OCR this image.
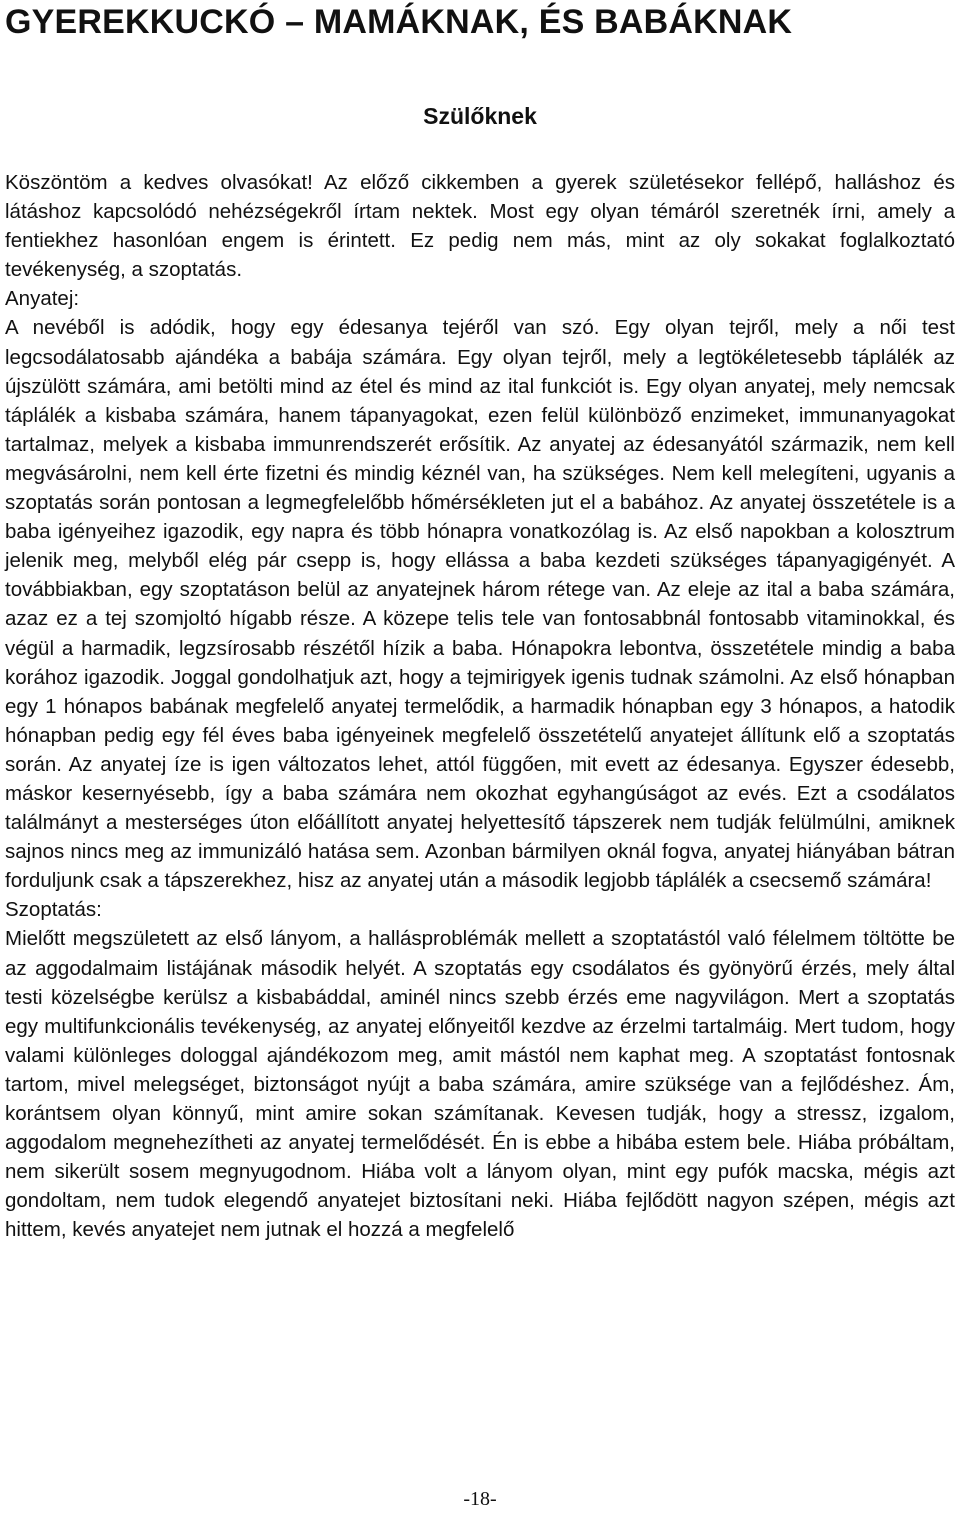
GYEREKKUCKÓ – MAMÁKNAK, ÉS BABÁKNAK
Szülőknek

Köszöntöm a kedves olvasókat! Az előző cikkemben a gyerek születésekor fellépő, halláshoz és látáshoz kapcsolódó nehézségekről írtam nektek. Most egy olyan témáról szeretnék írni, amely a fentiekhez hasonlóan engem is érintett. Ez pedig nem más, mint az oly sokakat foglalkoztató tevékenység, a szoptatás.

Anyatej:

A nevéből is adódik, hogy egy édesanya tejéről van szó. Egy olyan tejről, mely a női test legcsodálatosabb ajándéka a babája számára. Egy olyan tejről, mely a legtökéletesebb táplálék az újszülött számára, ami betölti mind az étel és mind az ital funkciót is. Egy olyan anyatej, mely nemcsak táplálék a kisbaba számára, hanem tápanyagokat, ezen felül különböző enzimeket, immunanyagokat tartalmaz, melyek a kisbaba immunrendszerét erősítik. Az anyatej az édesanyától származik, nem kell megvásárolni, nem kell érte fizetni és mindig kéznél van, ha szükséges. Nem kell melegíteni, ugyanis a szoptatás során pontosan a legmegfelelőbb hőmérsékleten jut el a babához. Az anyatej összetétele is a baba igényeihez igazodik, egy napra és több hónapra vonatkozólag is. Az első napokban a kolosztrum jelenik meg, melyből elég pár csepp is, hogy ellássa a baba kezdeti szükséges tápanyagigényét. A továbbiakban, egy szoptatáson belül az anyatejnek három rétege van. Az eleje az ital a baba számára, azaz ez a tej szomjoltó hígabb része. A közepe telis tele van fontosabbnál fontosabb vitaminokkal, és végül a harmadik, legzsírosabb részétől hízik a baba. Hónapokra lebontva, összetétele mindig a baba korához igazodik. Joggal gondolhatjuk azt, hogy a tejmirigyek igenis tudnak számolni. Az első hónapban egy 1 hónapos babának megfelelő anyatej termelődik, a harmadik hónapban egy 3 hónapos, a hatodik hónapban pedig egy fél éves baba igényeinek megfelelő összetételű anyatejet állítunk elő a szoptatás során. Az anyatej íze is igen változatos lehet, attól függően, mit evett az édesanya. Egyszer édesebb, máskor kesernyésebb, így a baba számára nem okozhat egyhangúságot az evés. Ezt a csodálatos találmányt a mesterséges úton előállított anyatej helyettesítő tápszerek nem tudják felülmúlni, amiknek sajnos nincs meg az immunizáló hatása sem. Azonban bármilyen oknál fogva, anyatej hiányában bátran forduljunk csak a tápszerekhez, hisz az anyatej után a második legjobb táplálék a csecsemő számára!

Szoptatás:

Mielőtt megszületett az első lányom, a hallásproblémák mellett a szoptatástól való félelmem töltötte be az aggodalmaim listájának második helyét. A szoptatás egy csodálatos és gyönyörű érzés, mely által testi közelségbe kerülsz a kisbabáddal, aminél nincs szebb érzés eme nagyvilágon. Mert a szoptatás egy multifunkcionális tevékenység, az anyatej előnyeitől kezdve az érzelmi tartalmáig. Mert tudom, hogy valami különleges dologgal ajándékozom meg, amit mástól nem kaphat meg. A szoptatást fontosnak tartom, mivel melegséget, biztonságot nyújt a baba számára, amire szüksége van a fejlődéshez. Ám, korántsem olyan könnyű, mint amire sokan számítanak. Kevesen tudják, hogy a stressz, izgalom, aggodalom megnehezítheti az anyatej termelődését. Én is ebbe a hibába estem bele. Hiába próbáltam, nem sikerült sosem megnyugodnom. Hiába volt a lányom olyan, mint egy pufók macska, mégis azt gondoltam, nem tudok elegendő anyatejet biztosítani neki. Hiába fejlődött nagyon szépen, mégis azt hittem, kevés anyatejet nem jutnak el hozzá a megfelelő

-18-
